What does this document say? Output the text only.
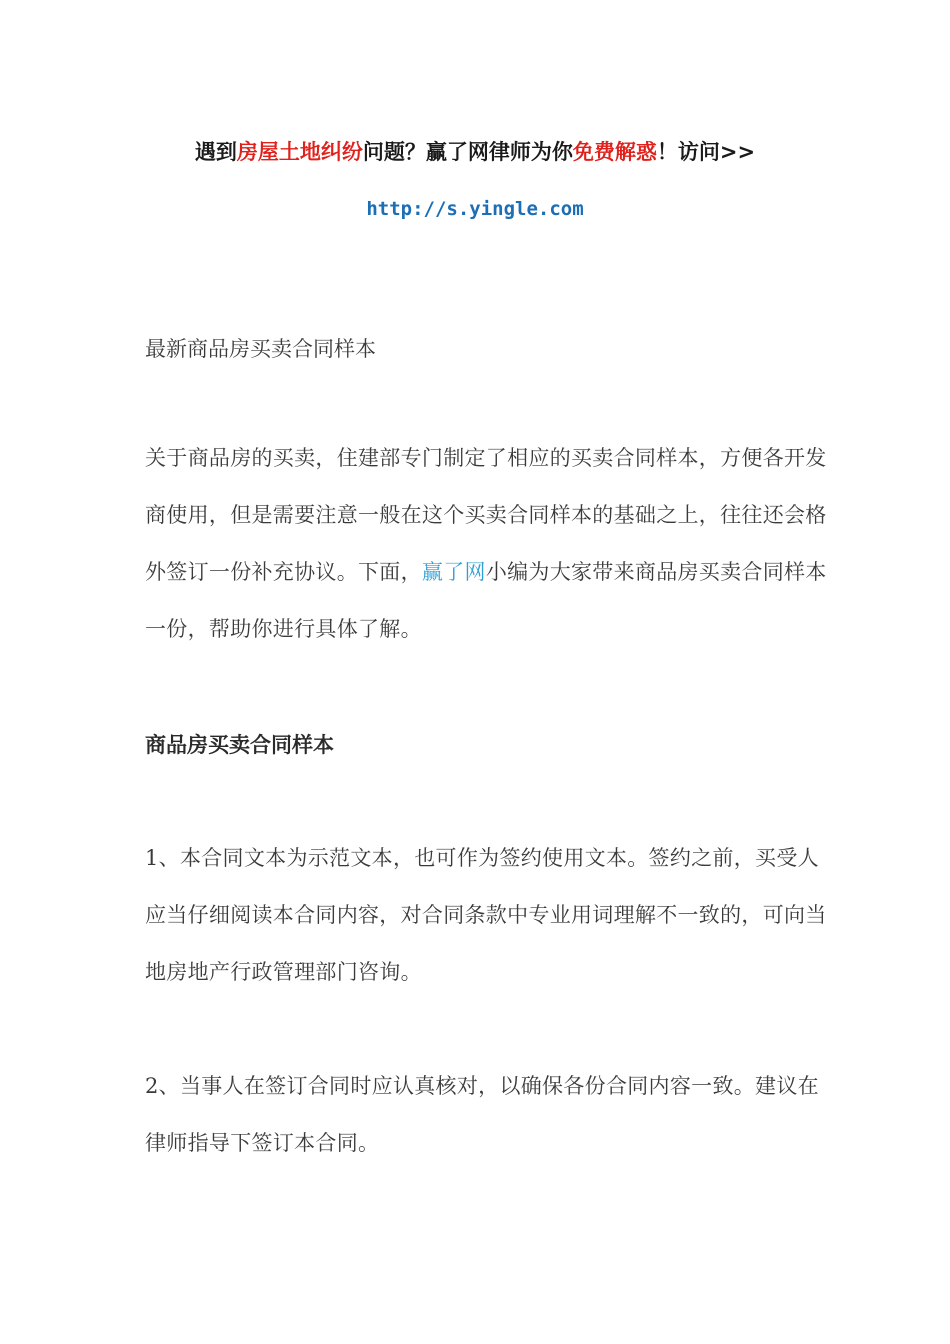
遇到房屋土地纠纷问题？赢了网律师为你免费解惑！访问>>
http://s.yingle.com

最新商品房买卖合同样本

关于商品房的买卖，住建部专门制定了相应的买卖合同样本，方便各开发商使用，但是需要注意一般在这个买卖合同样本的基础之上，往往还会格外签订一份补充协议。下面，赢了网小编为大家带来商品房买卖合同样本一份，帮助你进行具体了解。

商品房买卖合同样本

1、本合同文本为示范文本，也可作为签约使用文本。签约之前，买受人应当仔细阅读本合同内容，对合同条款中专业用词理解不一致的，可向当地房地产行政管理部门咨询。

2、当事人在签订合同时应认真核对，以确保各份合同内容一致。建议在律师指导下签订本合同。
